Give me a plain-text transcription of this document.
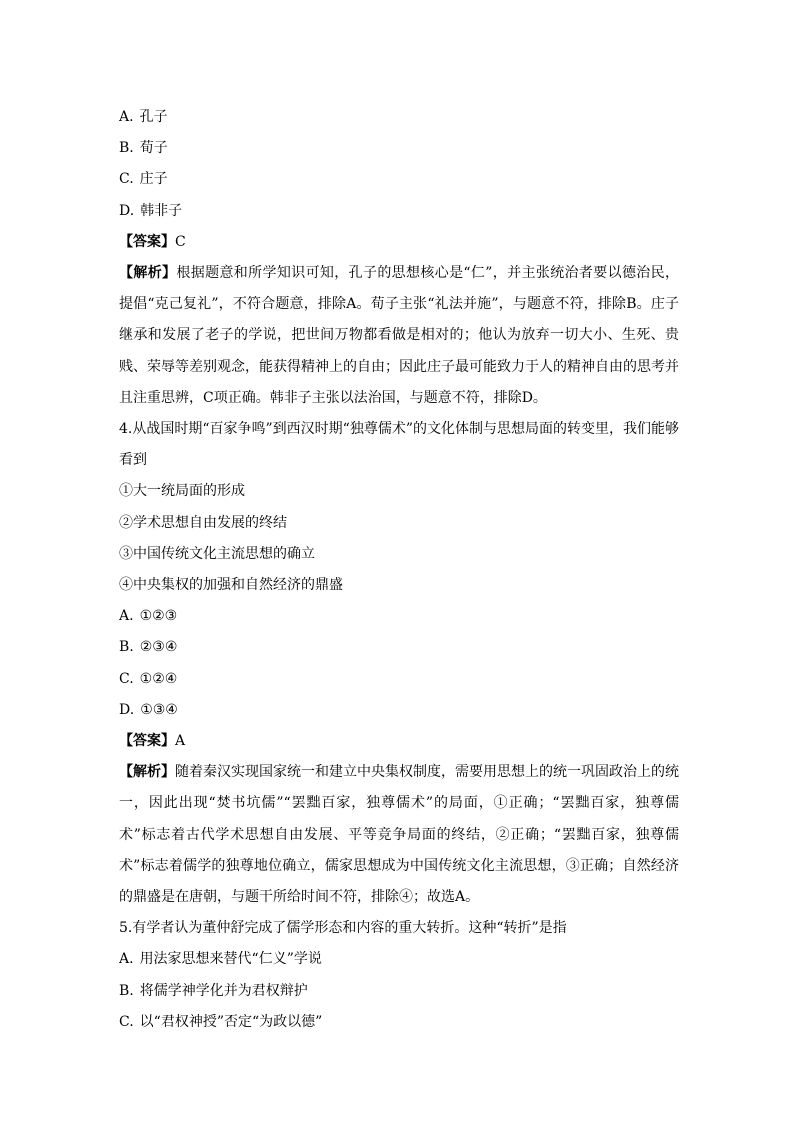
A. 孔子
B. 荀子
C. 庄子
D. 韩非子
【答案】C
【解析】根据题意和所学知识可知，孔子的思想核心是“仁”，并主张统治者要以德治民，提倡“克己复礼”，不符合题意，排除A。荀子主张“礼法并施”，与题意不符，排除B。庄子继承和发展了老子的学说，把世间万物都看做是相对的；他认为放弃一切大小、生死、贵贱、荣辱等差别观念，能获得精神上的自由；因此庄子最可能致力于人的精神自由的思考并且注重思辨，C项正确。韩非子主张以法治国，与题意不符，排除D。
4.从战国时期“百家争鸣”到西汉时期“独尊儒术”的文化体制与思想局面的转变里，我们能够看到
①大一统局面的形成
②学术思想自由发展的终结
③中国传统文化主流思想的确立
④中央集权的加强和自然经济的鼎盛
A. ①②③
B. ②③④
C. ①②④
D. ①③④
【答案】A
【解析】随着秦汉实现国家统一和建立中央集权制度，需要用思想上的统一巩固政治上的统一，因此出现“焚书坑儒”“罢黜百家，独尊儒术”的局面，①正确；“罢黜百家，独尊儒术”标志着古代学术思想自由发展、平等竞争局面的终结，②正确；“罢黜百家，独尊儒术”标志着儒学的独尊地位确立，儒家思想成为中国传统文化主流思想，③正确；自然经济的鼎盛是在唐朝，与题干所给时间不符，排除④；故选A。
5.有学者认为董仲舒完成了儒学形态和内容的重大转折。这种“转折”是指
A. 用法家思想来替代“仁义”学说
B. 将儒学神学化并为君权辩护
C. 以“君权神授”否定“为政以德”
